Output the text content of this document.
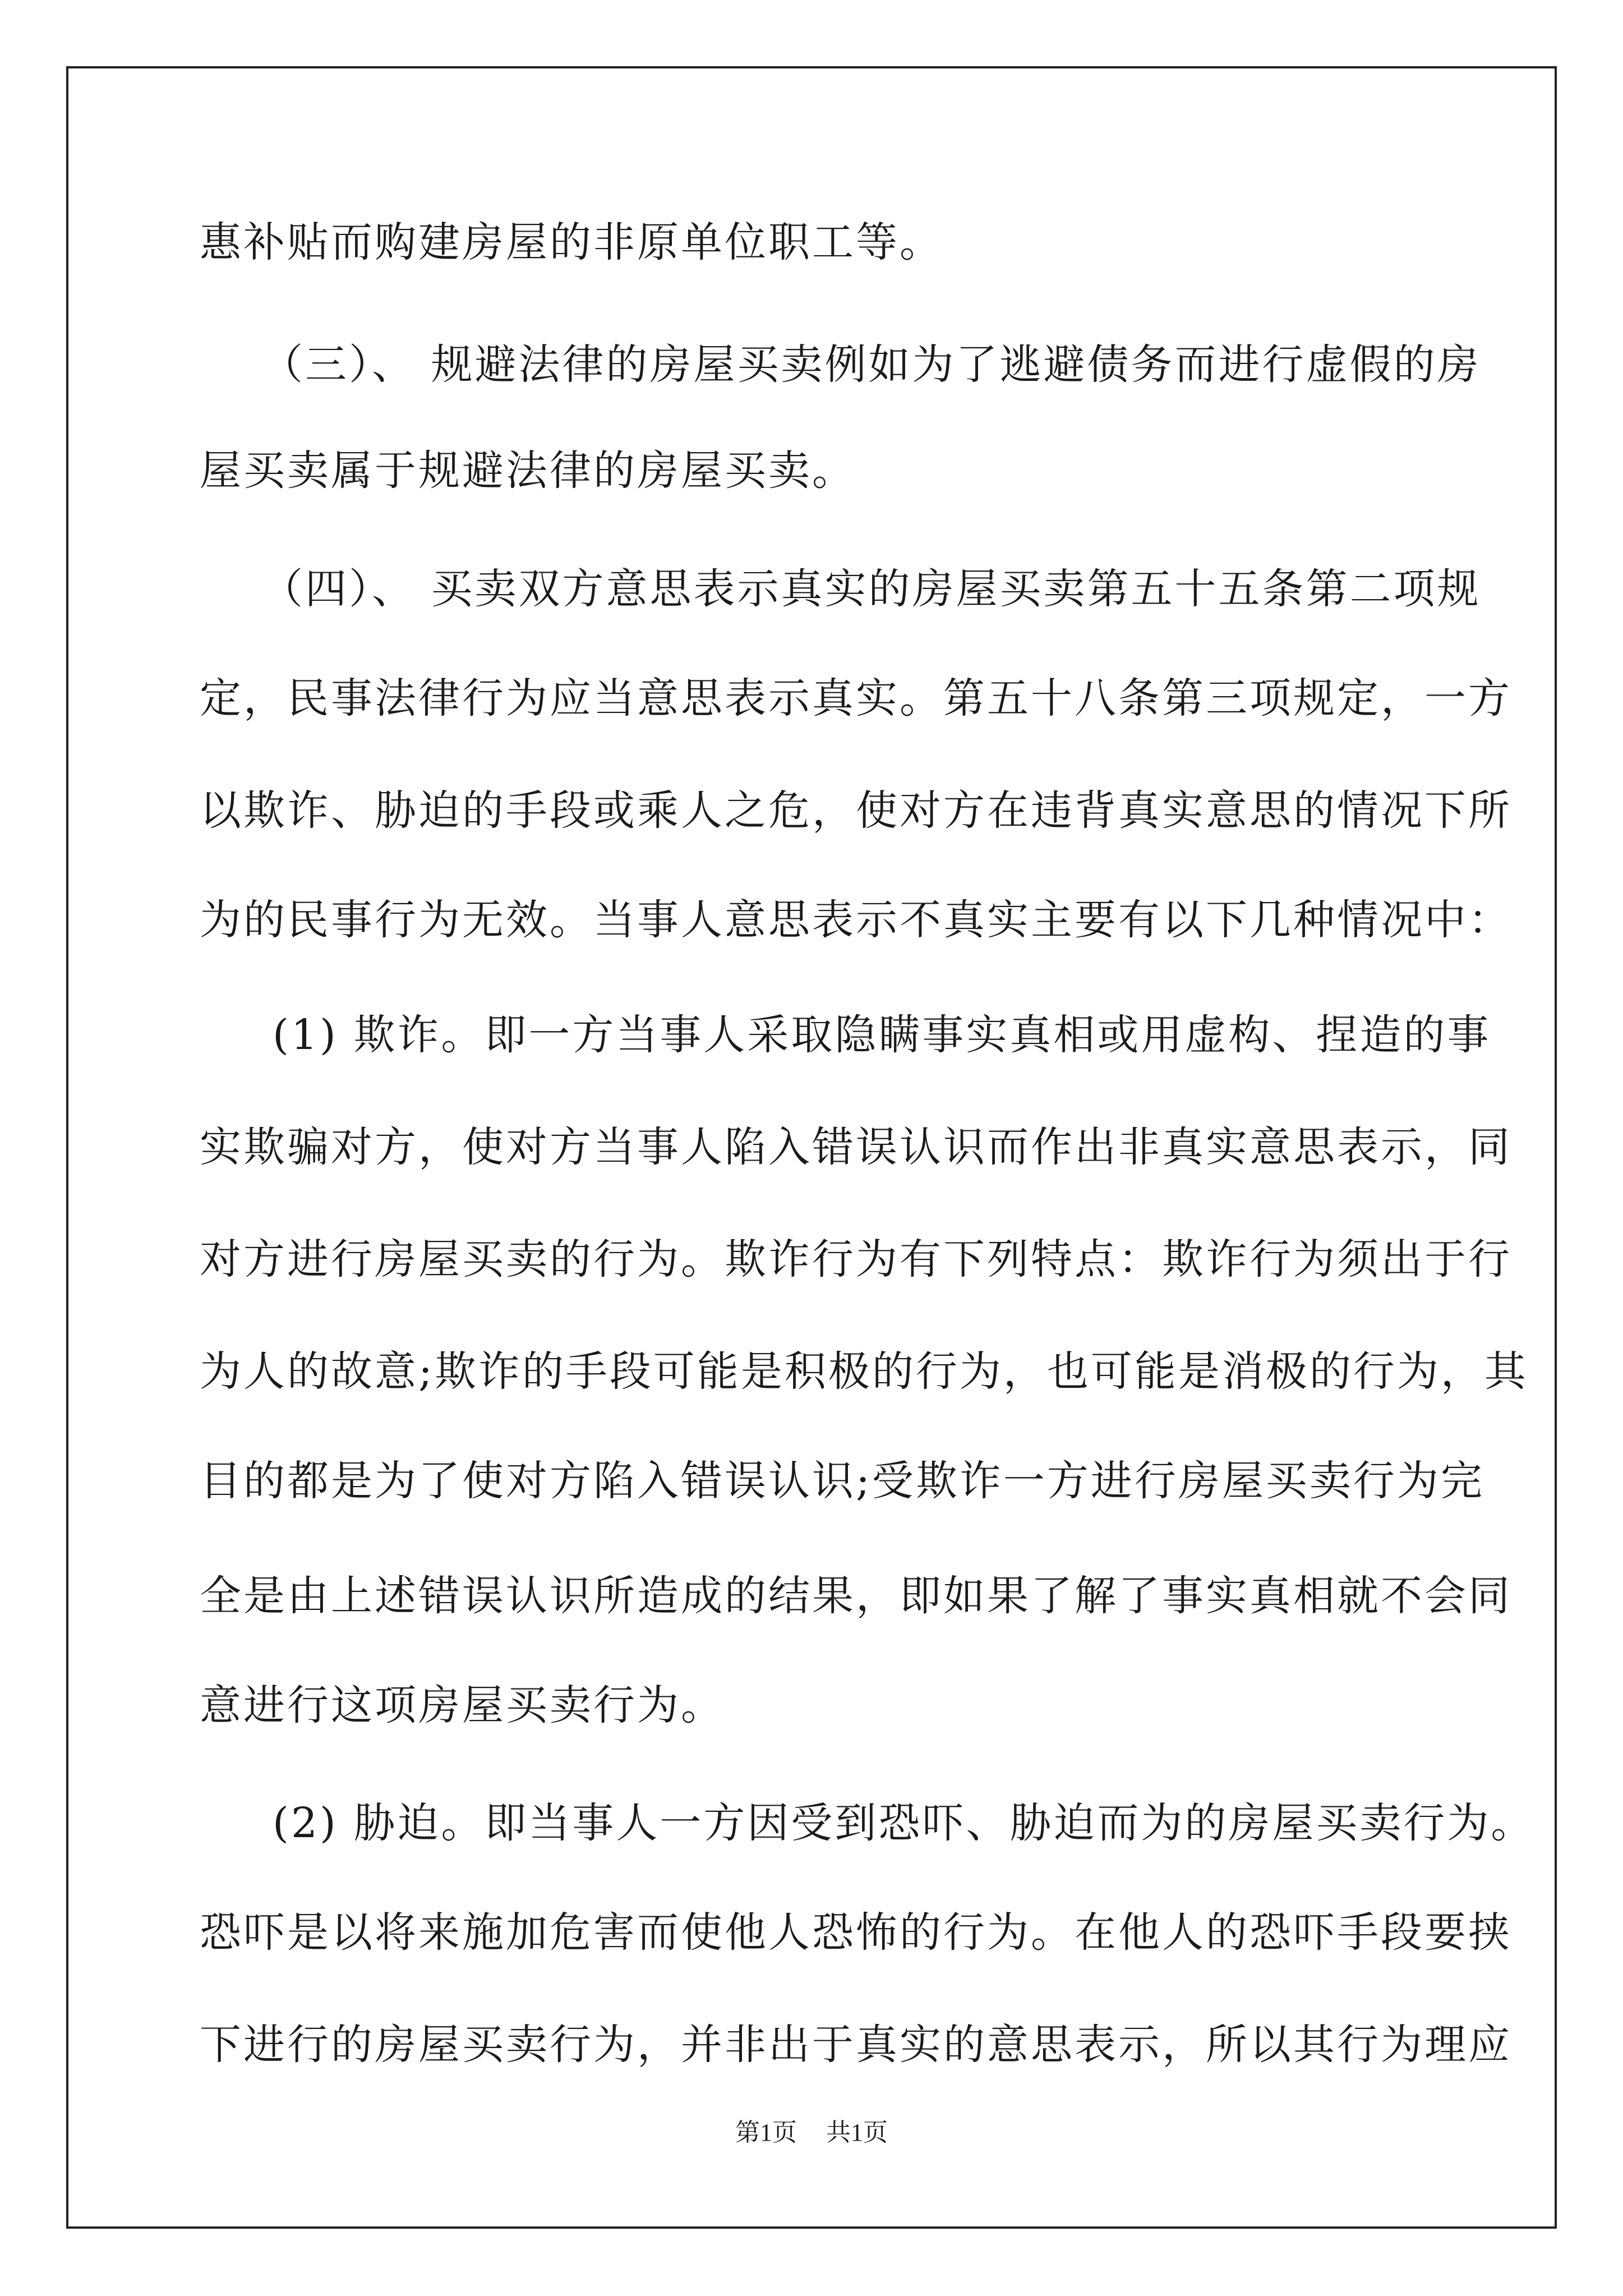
惠补贴而购建房屋的非原单位职工等。
（三）、 规避法律的房屋买卖例如为了逃避债务而进行虚假的房
屋买卖属于规避法律的房屋买卖。
（四）、 买卖双方意思表示真实的房屋买卖第五十五条第二项规
定，民事法律行为应当意思表示真实。第五十八条第三项规定，一方
以欺诈、胁迫的手段或乘人之危，使对方在违背真实意思的情况下所
为的民事行为无效。当事人意思表示不真实主要有以下几种情况中：
(1) 欺诈。即一方当事人采取隐瞒事实真相或用虚构、捏造的事
实欺骗对方，使对方当事人陷入错误认识而作出非真实意思表示，同
对方进行房屋买卖的行为。欺诈行为有下列特点：欺诈行为须出于行
为人的故意;欺诈的手段可能是积极的行为，也可能是消极的行为，其
目的都是为了使对方陷入错误认识;受欺诈一方进行房屋买卖行为完
全是由上述错误认识所造成的结果，即如果了解了事实真相就不会同
意进行这项房屋买卖行为。
(2) 胁迫。即当事人一方因受到恐吓、胁迫而为的房屋买卖行为。
恐吓是以将来施加危害而使他人恐怖的行为。在他人的恐吓手段要挟
下进行的房屋买卖行为，并非出于真实的意思表示，所以其行为理应
第1页 共1页
